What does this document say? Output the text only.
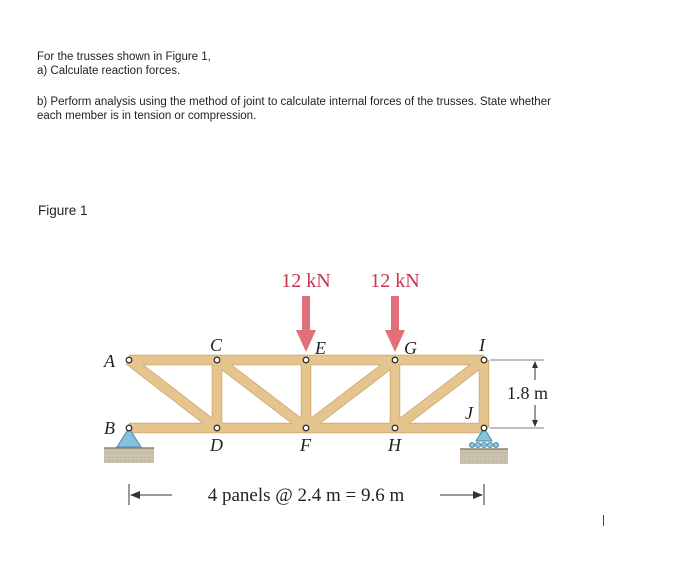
For the trusses shown in Figure 1,
a) Calculate reaction forces.

b) Perform analysis using the method of joint to calculate internal forces of the trusses. State whether
each member is in tension or compression.

Figure 1
12 kN 12 kN
A
B
C
D
E
F
G
H
I
J
1.8 m
4 panels @ 2.4 m = 9.6 m
